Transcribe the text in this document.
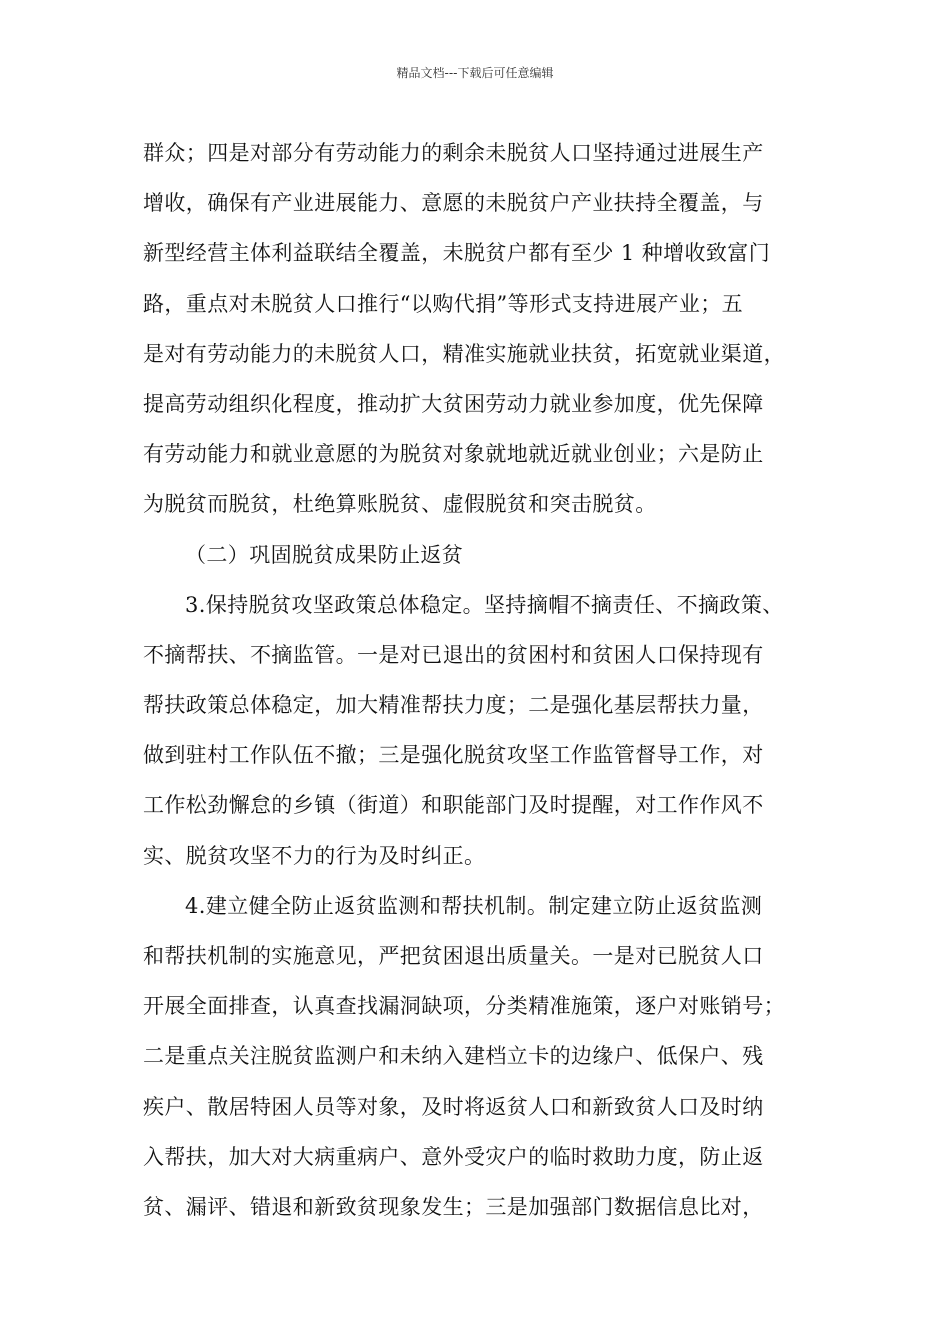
精品文档---下载后可任意编辑
群众；四是对部分有劳动能力的剩余未脱贫人口坚持通过进展生产
增收，确保有产业进展能力、意愿的未脱贫户产业扶持全覆盖，与
新型经营主体利益联结全覆盖，未脱贫户都有至少 1 种增收致富门
路，重点对未脱贫人口推行“以购代捐”等形式支持进展产业；五
是对有劳动能力的未脱贫人口，精准实施就业扶贫，拓宽就业渠道，
提高劳动组织化程度，推动扩大贫困劳动力就业参加度，优先保障
有劳动能力和就业意愿的为脱贫对象就地就近就业创业；六是防止
为脱贫而脱贫，杜绝算账脱贫、虚假脱贫和突击脱贫。
（二）巩固脱贫成果防止返贫
3.保持脱贫攻坚政策总体稳定。坚持摘帽不摘责任、不摘政策、
不摘帮扶、不摘监管。一是对已退出的贫困村和贫困人口保持现有
帮扶政策总体稳定，加大精准帮扶力度；二是强化基层帮扶力量，
做到驻村工作队伍不撤；三是强化脱贫攻坚工作监管督导工作，对
工作松劲懈怠的乡镇（街道）和职能部门及时提醒，对工作作风不
实、脱贫攻坚不力的行为及时纠正。
4.建立健全防止返贫监测和帮扶机制。制定建立防止返贫监测
和帮扶机制的实施意见，严把贫困退出质量关。一是对已脱贫人口
开展全面排查，认真查找漏洞缺项，分类精准施策，逐户对账销号；
二是重点关注脱贫监测户和未纳入建档立卡的边缘户、低保户、残
疾户、散居特困人员等对象，及时将返贫人口和新致贫人口及时纳
入帮扶，加大对大病重病户、意外受灾户的临时救助力度，防止返
贫、漏评、错退和新致贫现象发生；三是加强部门数据信息比对，
